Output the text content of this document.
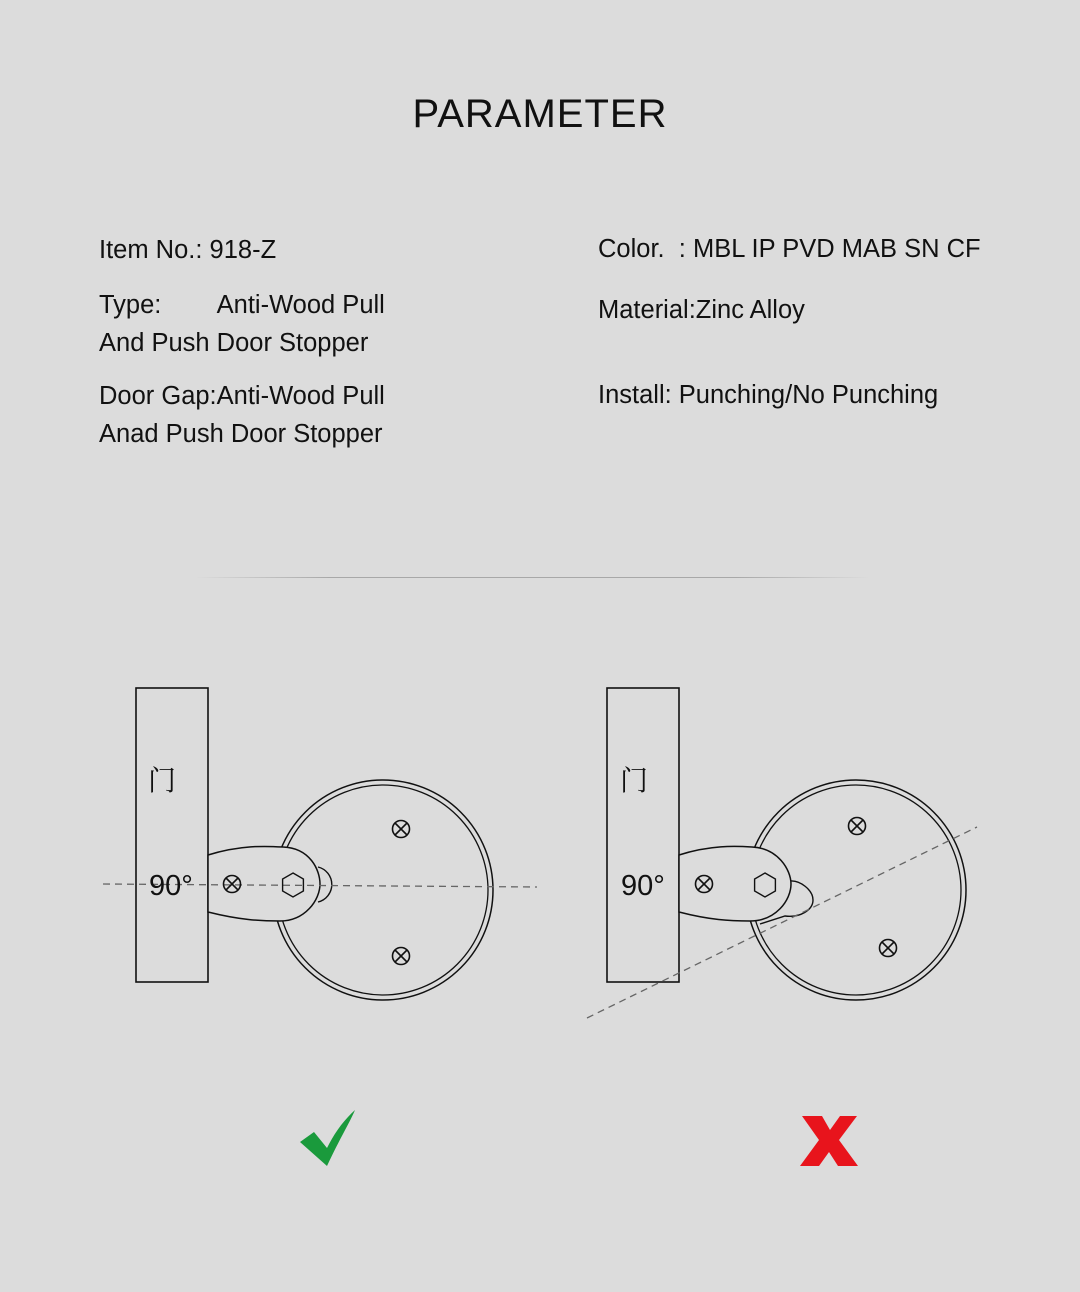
PARAMETER
Item No.: 918-Z
Type:        Anti-Wood Pull
And Push Door Stopper
Door Gap:Anti-Wood Pull
Anad Push Door Stopper
Color.  : MBL IP PVD MAB SN CF
Material:Zinc Alloy
Install: Punching/No Punching
门
90°
门
90°
